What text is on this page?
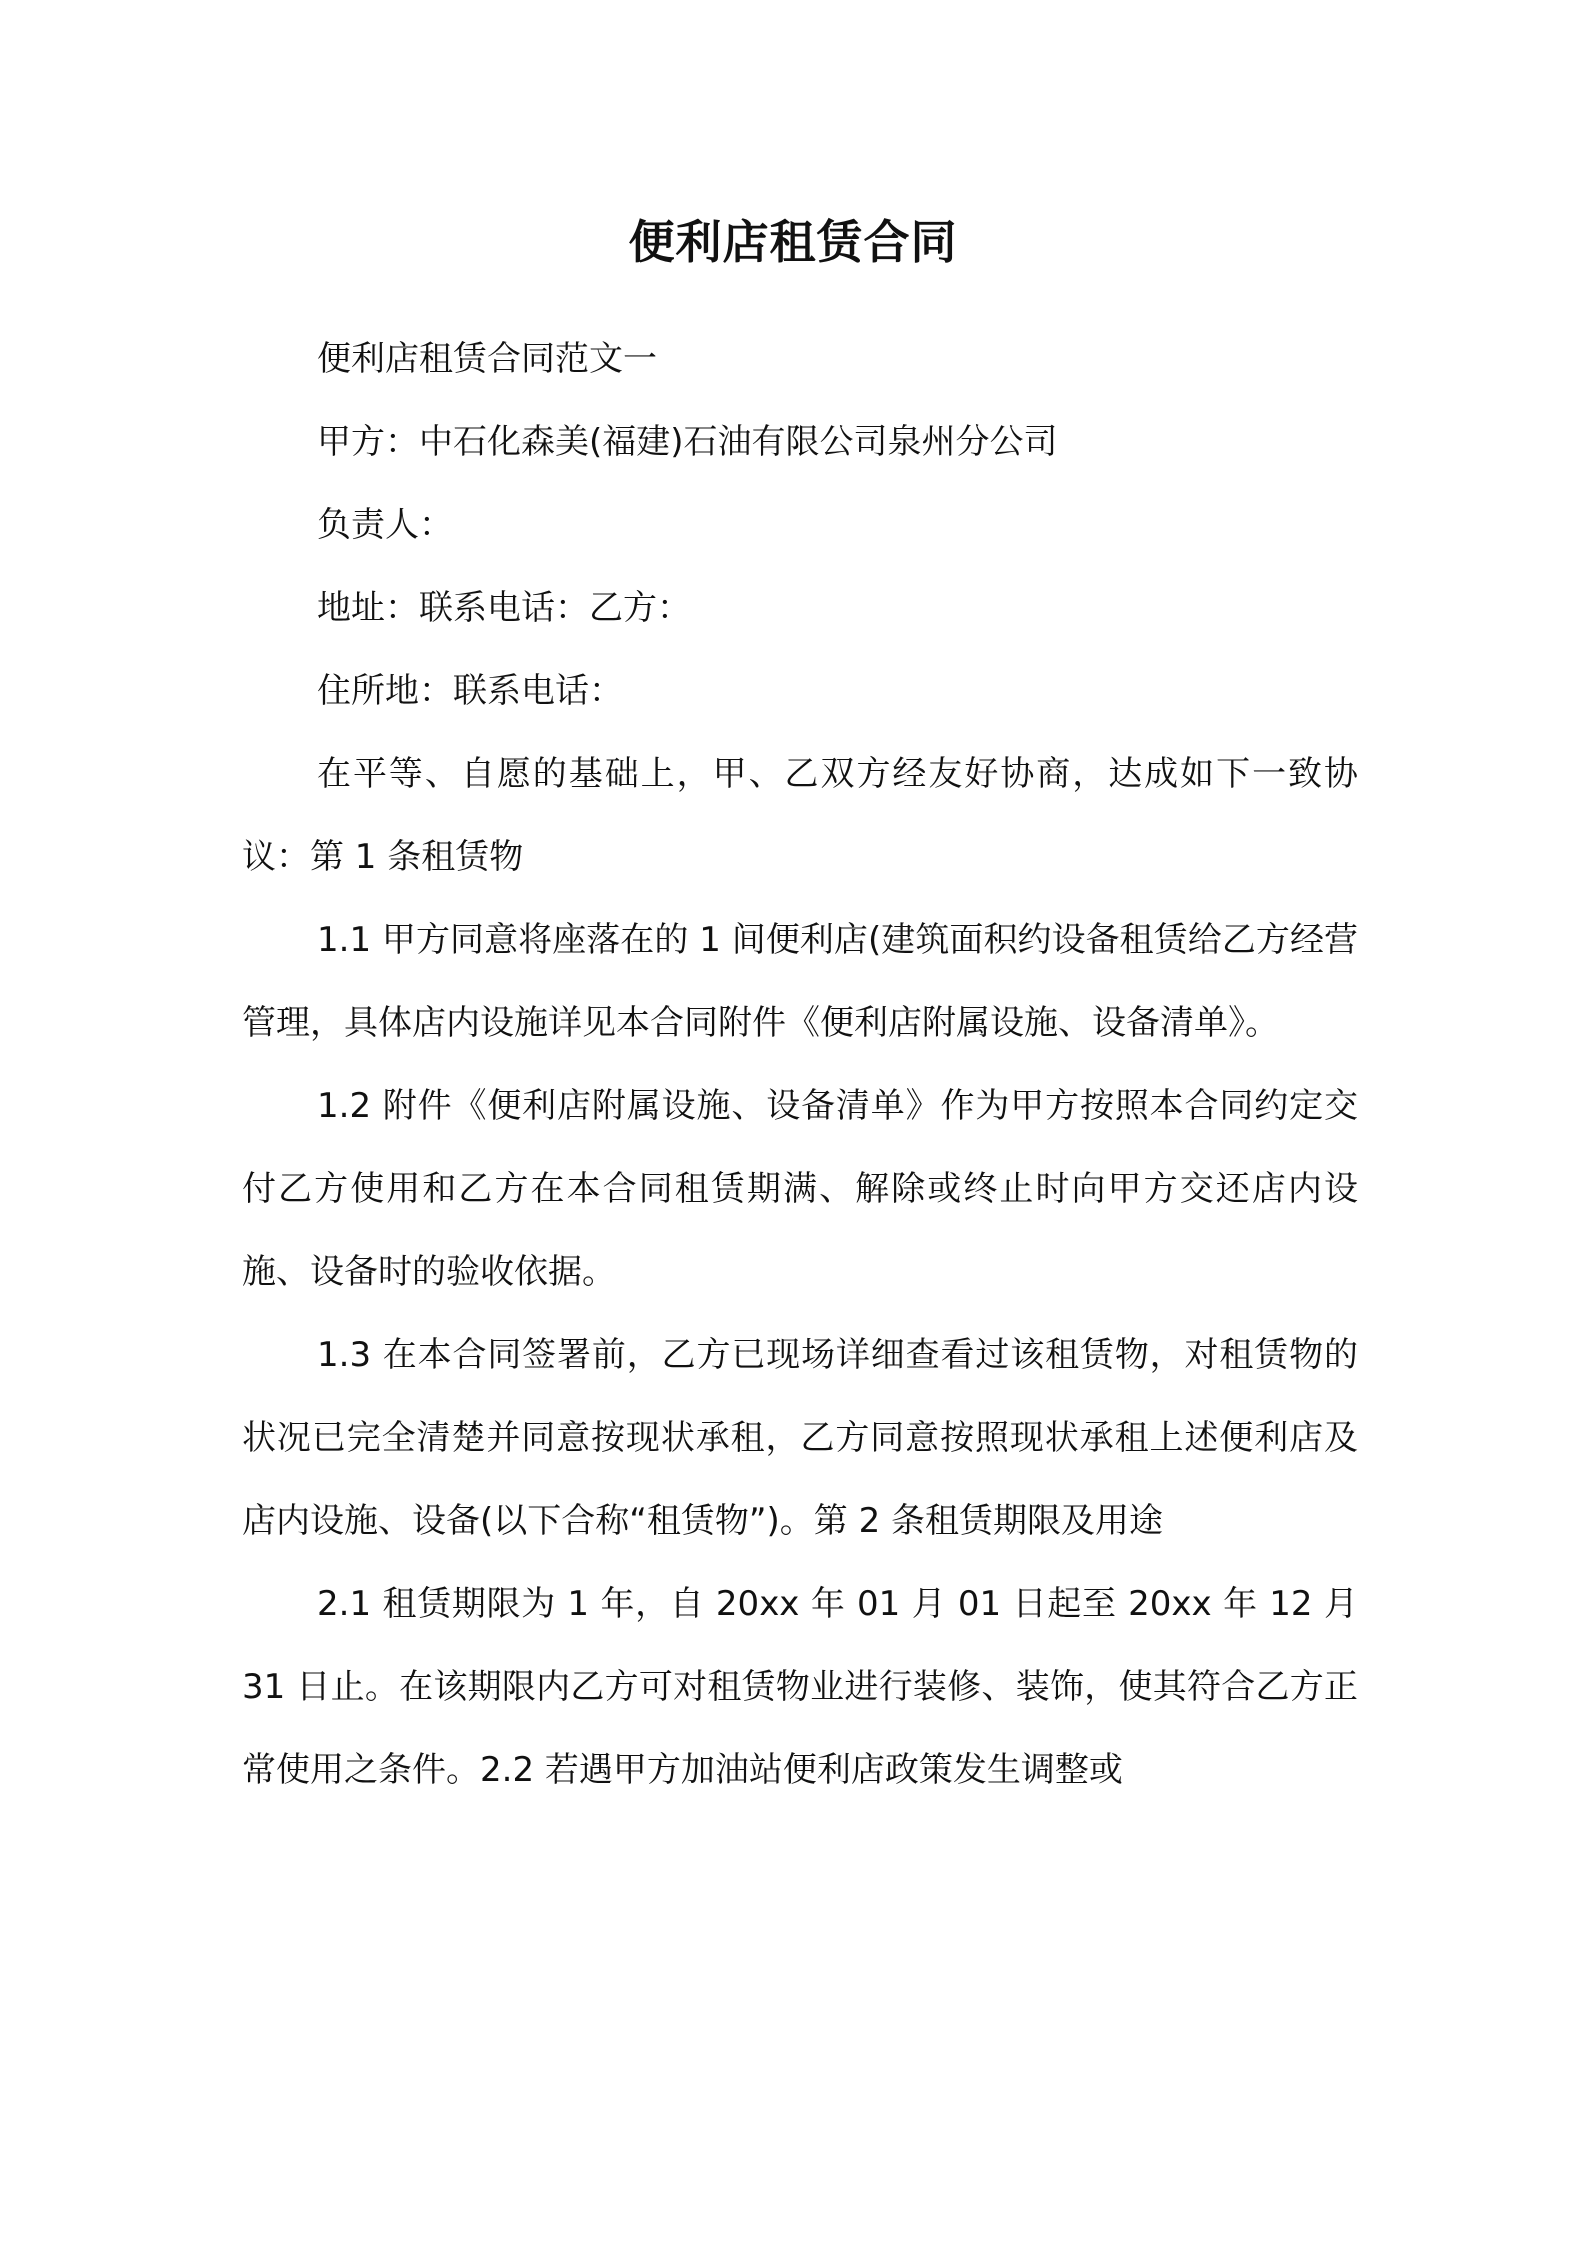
便利店租赁合同

便利店租赁合同范文一

甲方：中石化森美(福建)石油有限公司泉州分公司

负责人：

地址：联系电话：乙方：

住所地：联系电话：

在平等、自愿的基础上，甲、乙双方经友好协商，达成如下一致协议：第 1 条租赁物

1.1 甲方同意将座落在的 1 间便利店(建筑面积约设备租赁给乙方经营管理，具体店内设施详见本合同附件《便利店附属设施、设备清单》。

1.2 附件《便利店附属设施、设备清单》作为甲方按照本合同约定交付乙方使用和乙方在本合同租赁期满、解除或终止时向甲方交还店内设施、设备时的验收依据。

1.3 在本合同签署前，乙方已现场详细查看过该租赁物，对租赁物的状况已完全清楚并同意按现状承租，乙方同意按照现状承租上述便利店及店内设施、设备(以下合称“租赁物”)。第 2 条租赁期限及用途

2.1 租赁期限为 1 年，自 20xx 年 01 月 01 日起至 20xx 年 12 月 31 日止。在该期限内乙方可对租赁物业进行装修、装饰，使其符合乙方正常使用之条件。2.2 若遇甲方加油站便利店政策发生调整或
